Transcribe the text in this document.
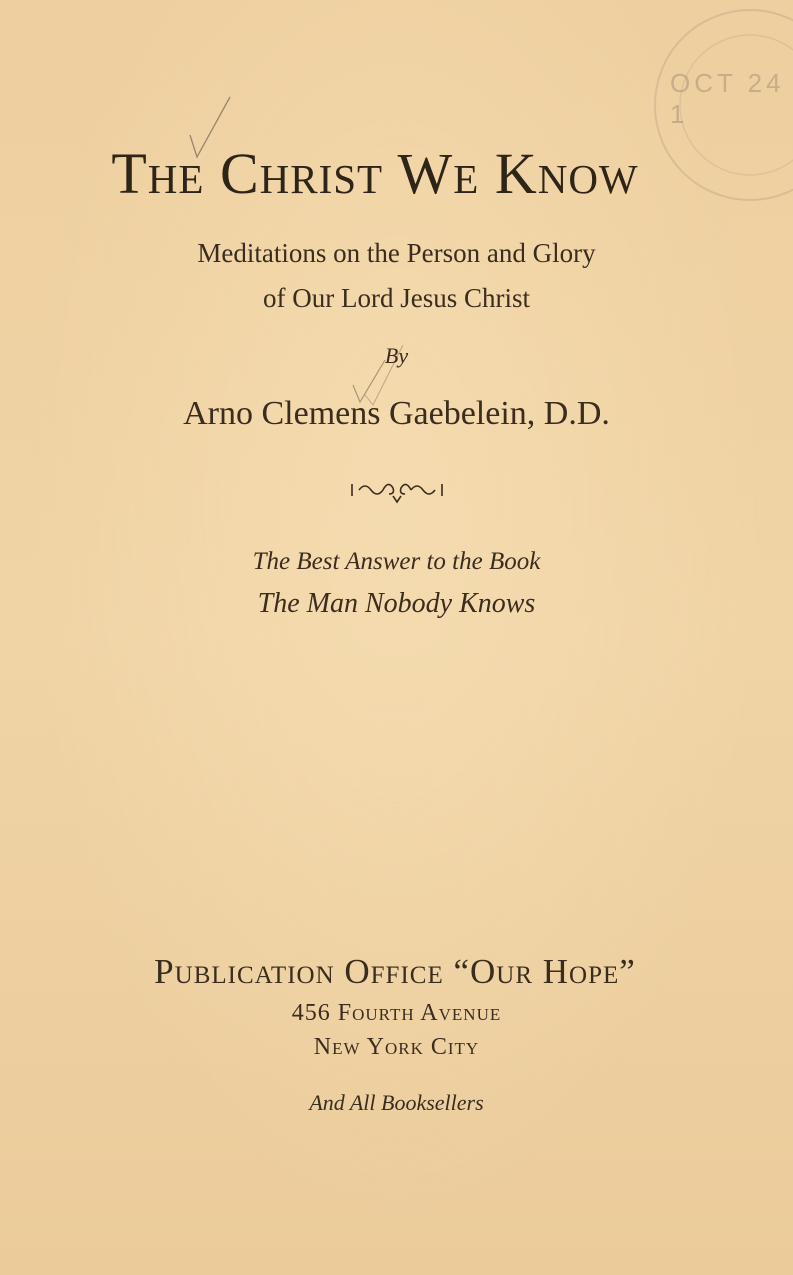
OCT 24 1
The Christ We Know
Meditations on the Person and Glory
of Our Lord Jesus Christ
By
Arno Clemens Gaebelein, D.D.
The Best Answer to the Book
The Man Nobody Knows
Publication Office “Our Hope”
456 Fourth Avenue
New York City
And All Booksellers
